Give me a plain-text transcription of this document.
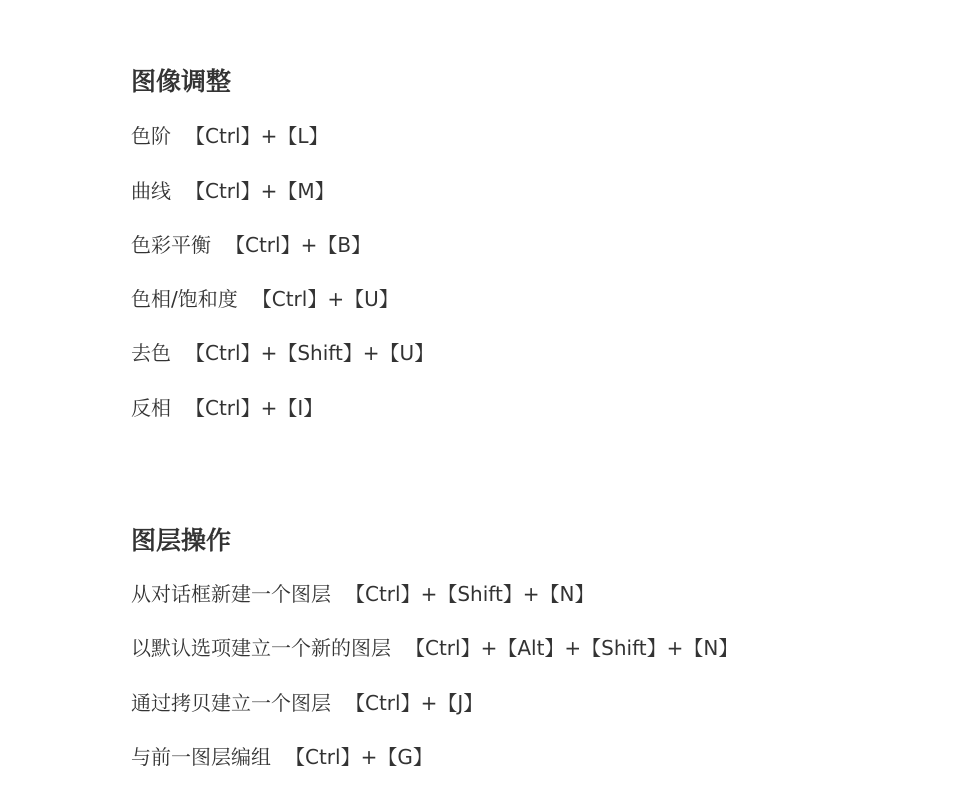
图像调整

色阶 【Ctrl】+【L】

曲线 【Ctrl】+【M】

色彩平衡 【Ctrl】+【B】

色相/饱和度 【Ctrl】+【U】

去色 【Ctrl】+【Shift】+【U】

反相 【Ctrl】+【I】

图层操作

从对话框新建一个图层 【Ctrl】+【Shift】+【N】

以默认选项建立一个新的图层 【Ctrl】+【Alt】+【Shift】+【N】

通过拷贝建立一个图层 【Ctrl】+【J】

与前一图层编组 【Ctrl】+【G】
